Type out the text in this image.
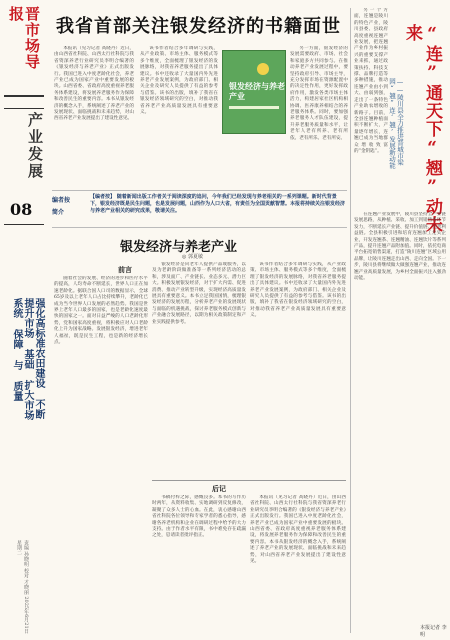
晋市场导报
产业发展
08
强化高标准农田建设 不断提升市场 基础 扩大市场 系统 保障 与 质量
责编 孙晓明 校对 才晓丽 2025年6月21日 星期二
我省首部关注银发经济的书籍面世

本报讯（见习记者 高晓丹）近日，由山西省社科院、山西太行社科院与我省资深养老行业研究员李明合编著的《银发经济与养老产业》正式出版发行。我国已进入中度老龄化社会，养老产业已成为国家产业中重要发展的板块。山西省委、省政府高度重视养老服务体系建设，将发展养老服务作为保障和改善民生的重要内容。本书从银发经济的概念入手，系统阐述了养老产业的发展现状、面临挑战和未来趋势，对山西省养老产业发展提出了建设性意见。

该书作者结合多年调研与实践，从产业政策、市场主体、服务模式等多个维度，全面梳理了银发经济的发展脉络，对我省养老服务提出了具体建议。书中还收录了大量国内外先进养老产业发展案例，为政府部门、相关企业及研究人员提供了有益的参考与借鉴。该书的出版，填补了我省在银发经济领域研究的空白，对推动我省养老产业高质量发展具有重要意义。

银发经济与养老产业

另一方面，银发经济的发展需要政府、市场、社会和家庭多方共同参与。在推动养老产业发展过程中，要坚持政府引导、市场主导，充分发挥市场在资源配置中的决定性作用，更好发挥政府作用，激发各类市场主体活力，构建居家社区机构相协调、医养康养相结合的养老服务体系。同时，要加强养老服务人才队伍建设，提升养老服务质量和水平，让老年人老有所养、老有所依、老有所乐、老有所安。

编者按
简介
【编者按】 随着新闻出版工作者关于阅读深度的追问，今年我们已经发现与养老相关的一系列课题。新时代背景下，银发经济既是民生问题，也是发展问题，山西作为人口大省，有责任为全国贡献智慧。本报将持续关注银发经济与养老产业相关的研究成果，敬请关注。
银发经济与养老产业
◎ 郭夏敏
前言

随着社会的发展、经济的进步和医疗水平的提高，人均寿命不断延长，世界人口正在加速老龄化。据联合国人口司的数据显示，全球65岁及以上老年人口占比持续攀升，老龄化已成为当今世界人口发展的必然趋势。我国是世界上老年人口最多的国家，也是老龄化速度最快的国家之一。面对日益严峻的人口老龄化形势，党和国家高度重视，将积极应对人口老龄化上升为国家战略。发展银发经济，增进老年人福祉，既是民生工程，也是新的经济增长点。

银发经济是向老年人提供产品或服务，以及为老龄阶段做准备等一系列经济活动的总和，涉及面广、产业链长、业态多元、潜力巨大。积极发展银发经济，对于扩大内需、促进消费、推动产业转型升级，实现经济高质量发展具有重要意义。本书立足我国国情，梳理银发经济的发展历程，分析养老产业的发展现状与面临的机遇挑战，探讨养老服务模式创新与产业融合发展路径，以期为相关政策制定和产业实践提供参考。

该书作者结合多年调研与实践，从产业政策、市场主体、服务模式等多个维度，全面梳理了银发经济的发展脉络，对我省养老服务提出了具体建议。书中还收录了大量国内外先进养老产业发展案例，为政府部门、相关企业及研究人员提供了有益的参考与借鉴。该书的出版，填补了我省在银发经济领域研究的空白，对推动我省养老产业高质量发展具有重要意义。

后记

书稿付梓之际，感慨良多。本书的写作历时两年，从资料收集、实地调研到反复修改，凝聚了众多人士的心血。在此，衷心感谢山西省社科院各位领导和专家学者的悉心指导，感谢各养老机构和企业在调研过程中给予的大力支持。由于作者水平有限，书中难免存在疏漏之处，恳请读者批评指正。

本报讯（见习记者 高晓丹）近日，由山西省社科院、山西太行社科院与我省资深养老行业研究员李明合编著的《银发经济与养老产业》正式出版发行。我国已进入中度老龄化社会，养老产业已成为国家产业中重要发展的板块。山西省委、省政府高度重视养老服务体系建设，将发展养老服务作为保障和改善民生的重要内容。本书从银发经济的概念入手，系统阐述了养老产业的发展现状、面临挑战和未来趋势，对山西省养老产业发展提出了建设性意见。

另一个方面，连翘是陵川的特色产业，陵川县委、县政府高度重视连翘产业发展，把连翘产业作为乡村振兴的重要支撑产业来抓，通过政策扶持、科技支撑、品牌打造等多种措施，推动连翘产业由小到大、由弱到强，走出了一条特色产业助农增收的新路子。目前，全县连翘种植面积不断扩大，产量逐年增长，连翘已成为当地群众增收致富的“金钥匙”。	“连”通天下“翘”动未来
——陵川县全力推进晋城市梁园“翘”连‘翘’发展新动能

在连翘产业发展中，陵川县坚持全产业链发展思路，从种植、采收、加工到销售各环节发力，不断延长产业链、提升价值链、完善利益链。全县积极引进和培育连翘加工龙头企业，开发连翘茶、连翘精油、连翘饮片等系列产品，提升连翘产品附加值。同时，依托电商平台拓宽销售渠道，打造“陵川连翘”区域公用品牌，让陵川连翘走出山西、走向全国。下一步，陵川县将继续做大做强连翘产业，推动连翘产业高质量发展，为乡村全面振兴注入强劲动能。

本报记者 李明
